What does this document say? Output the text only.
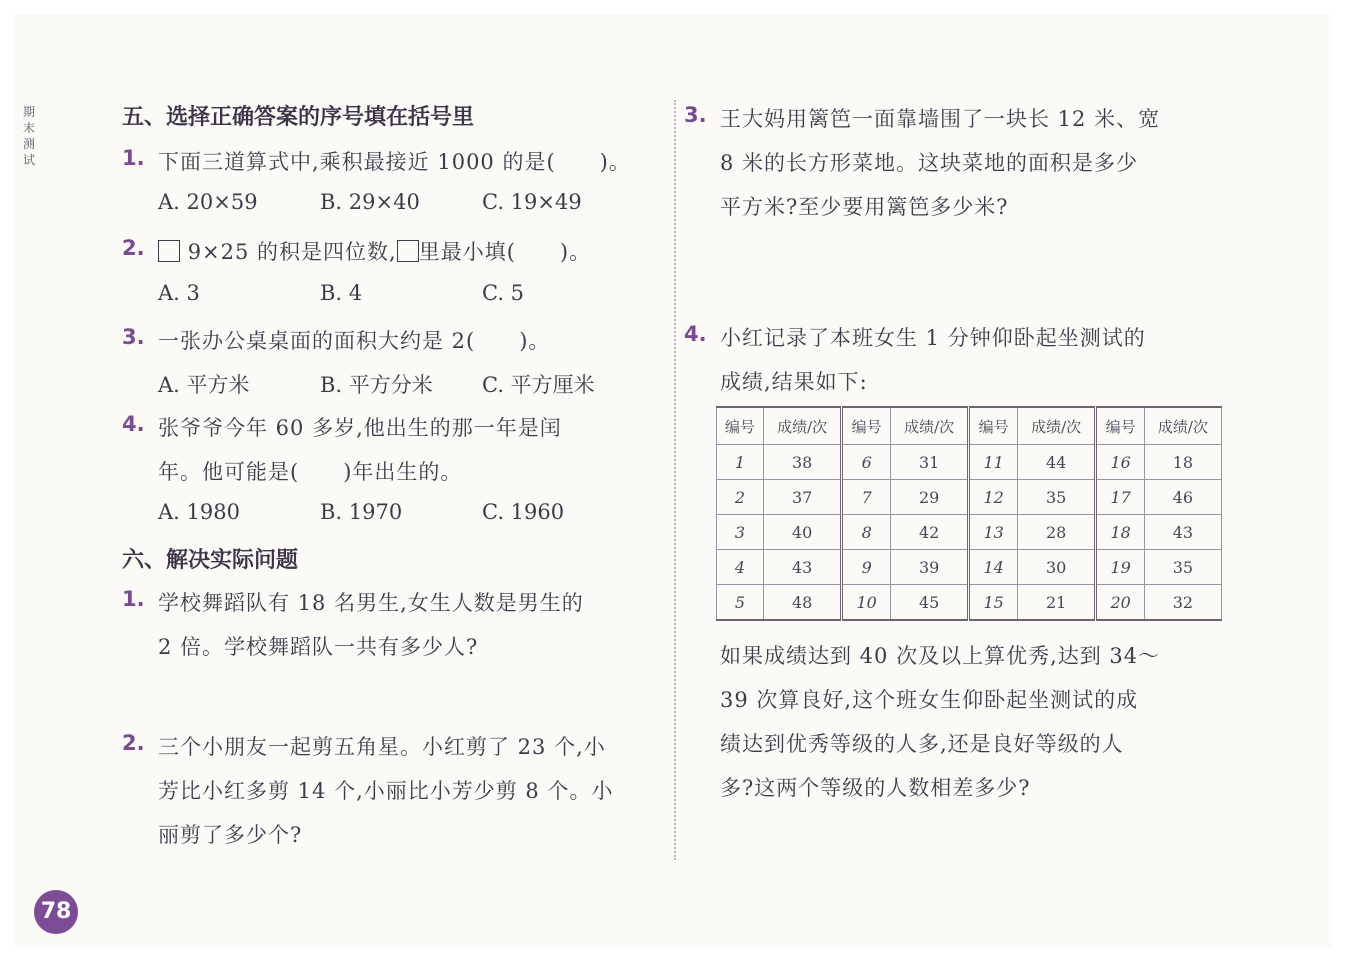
期
末
测
试
五、选择正确答案的序号填在括号里
1. 下面三道算式中,乘积最接近 1000 的是(　　)。
A. 20×59	B. 29×40	C. 19×49
2.	9×25 的积是四位数, 里最小填(　　)。
A. 3	B. 4	C. 5
3. 一张办公桌桌面的面积大约是 2(　　)。
A. 平方米	B. 平方分米 C. 平方厘米
4. 张爷爷今年 60 多岁,他出生的那一年是闰
年。他可能是(　　)年出生的。
A. 1980	B. 1970	C. 1960
六、解决实际问题
1. 学校舞蹈队有 18 名男生,女生人数是男生的
2 倍。学校舞蹈队一共有多少人?
2. 三个小朋友一起剪五角星。小红剪了 23 个,小
芳比小红多剪 14 个,小丽比小芳少剪 8 个。小
丽剪了多少个?
3. 王大妈用篱笆一面靠墙围了一块长 12 米、宽
8 米的长方形菜地。这块菜地的面积是多少
平方米?至少要用篱笆多少米?
4. 小红记录了本班女生 1 分钟仰卧起坐测试的
成绩,结果如下:
编号	成绩/次	编号	成绩/次	编号	成绩/次	编号	成绩/次
1	38	6	31	11	44	16	18
2	37	7	29	12	35	17	46
3	40	8	42	13	28	18	43
4	43	9	39	14	30	19	35
5	48	10	45	15	21	20	32
如果成绩达到 40 次及以上算优秀,达到 34～
39 次算良好,这个班女生仰卧起坐测试的成
绩达到优秀等级的人多,还是良好等级的人
多?这两个等级的人数相差多少?
78
